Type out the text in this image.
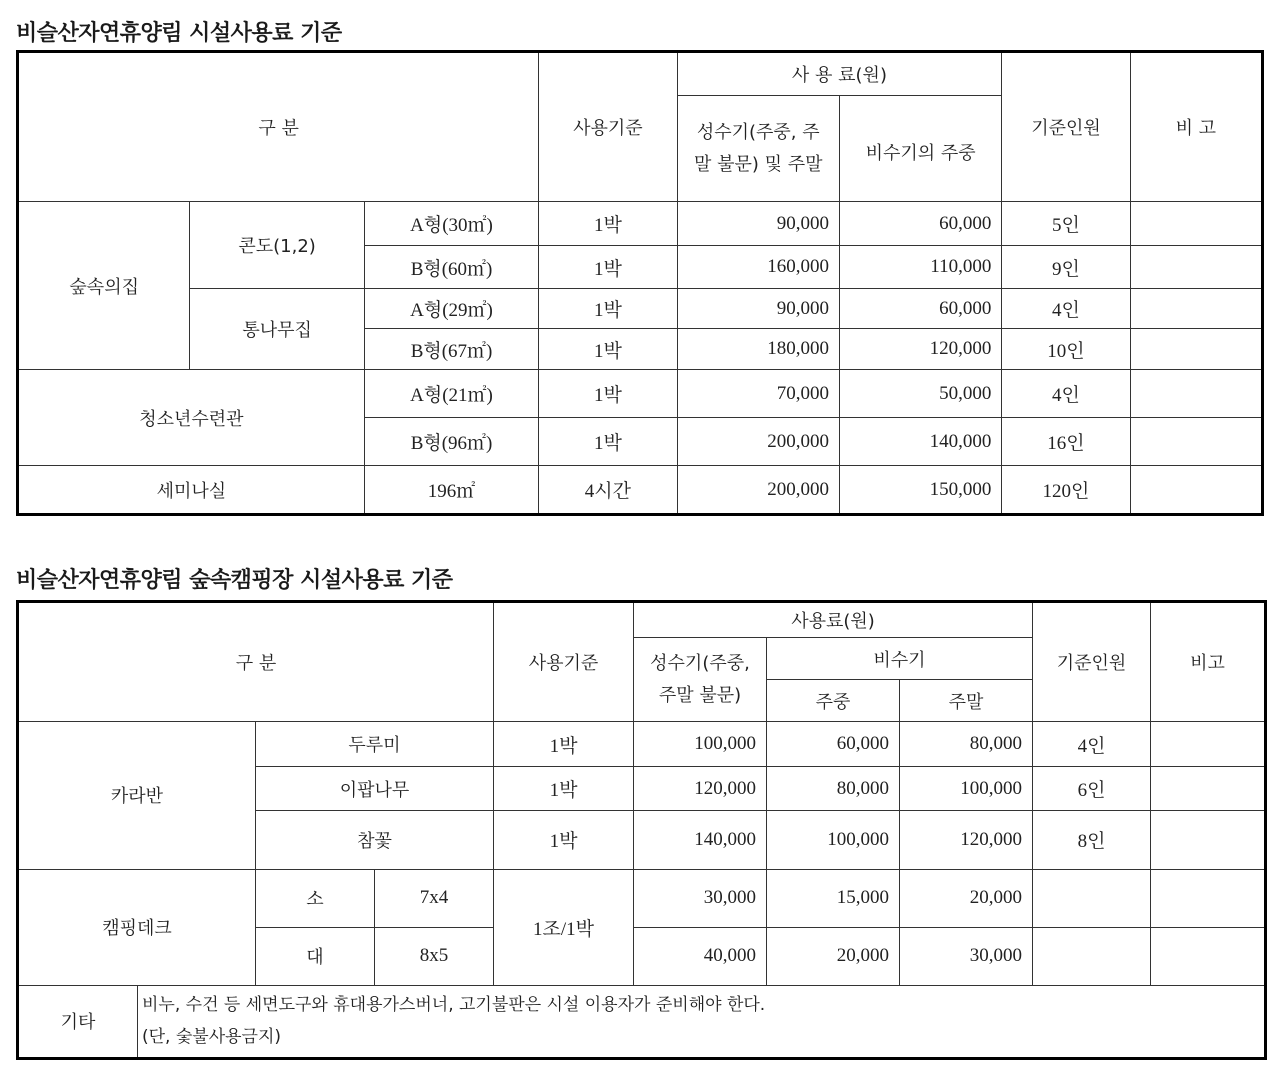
비슬산자연휴양림 시설사용료 기준
구 분			사용기준	사 용 료(원)		기준인원	비 고
				성수기(주중, 주말 불문) 및 주말	비수기의 주중		
숲속의집	콘도(1,2)	A형(30㎡)	1박	90,000	60,000	5인	
		B형(60㎡)	1박	160,000	110,000	9인	
	통나무집	A형(29㎡)	1박	90,000	60,000	4인	
		B형(67㎡)	1박	180,000	120,000	10인	
청소년수련관		A형(21㎡)	1박	70,000	50,000	4인	
		B형(96㎡)	1박	200,000	140,000	16인	
세미나실		196㎡	4시간	200,000	150,000	120인	
비슬산자연휴양림 숲속캠핑장 시설사용료 기준
구 분				사용기준	사용료(원)			기준인원	비고
					성수기(주중, 주말 불문)	비수기			
						주중	주말		
카라반		두루미		1박	100,000	60,000	80,000	4인	
		이팝나무		1박	120,000	80,000	100,000	6인	
		참꽃		1박	140,000	100,000	120,000	8인	
캠핑데크		소	7x4	1조/1박	30,000	15,000	20,000		
		대	8x5		40,000	20,000	30,000		
기타	비누, 수건 등 세면도구와 휴대용가스버너, 고기불판은 시설 이용자가 준비해야 한다.
(단, 숯불사용금지)								
